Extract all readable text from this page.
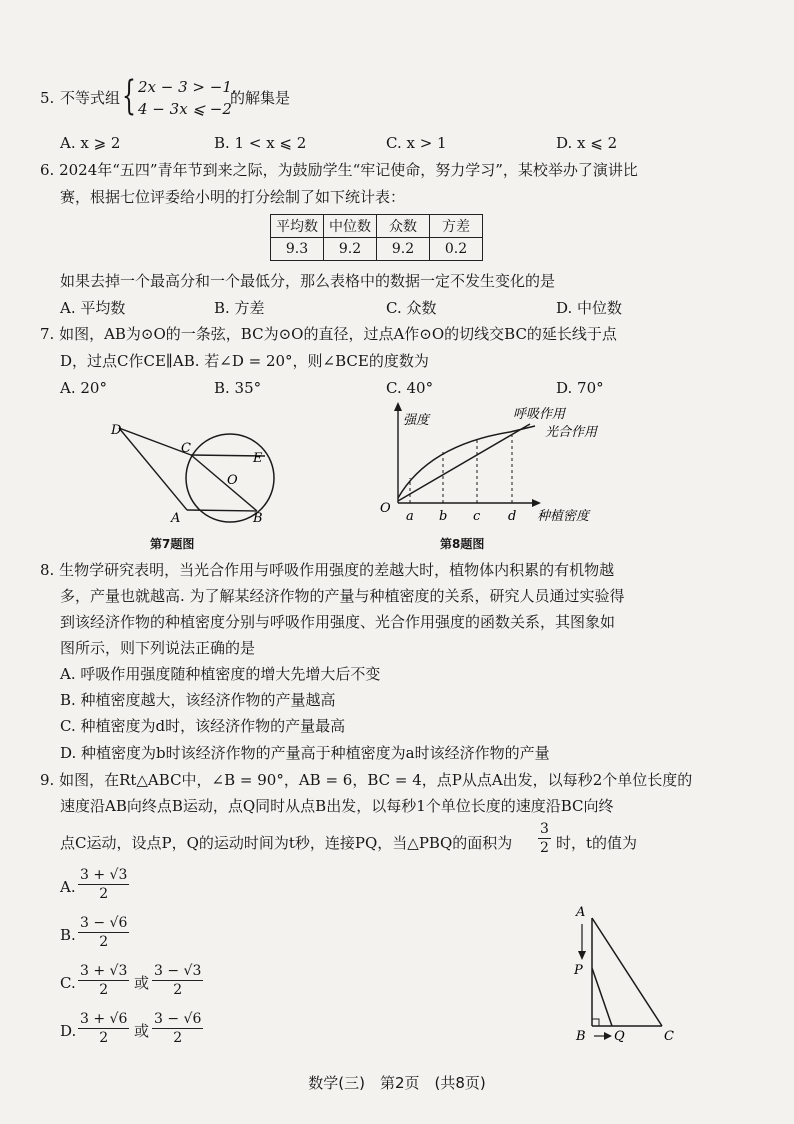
5. 不等式组 { 2x − 3 > −1,
4 − 3x ⩽ −2
的解集是
A. x ⩾ 2	B. 1 < x ⩽ 2	C. x > 1	D. x ⩽ 2
6. 2024年“五四”青年节到来之际，为鼓励学生“牢记使命，努力学习”，某校举办了演讲比
赛，根据七位评委给小明的打分绘制了如下统计表：
平均数	中位数	众数	方差
9.3	9.2	9.2	0.2
如果去掉一个最高分和一个最低分，那么表格中的数据一定不发生变化的是
A. 平均数	B. 方差	C. 众数	D. 中位数
7. 如图，AB为⊙O的一条弦，BC为⊙O的直径，过点A作⊙O的切线交BC的延长线于点
D，过点C作CE∥AB. 若∠D = 20°，则∠BCE的度数为
A. 20°	B. 35°	C. 40°	D. 70°
D
C
E
O
A	B
第7题图
强度
O
a b c d 种植密度
呼吸作用
光合作用
第8题图
8. 生物学研究表明，当光合作用与呼吸作用强度的差越大时，植物体内积累的有机物越
多，产量也就越高. 为了解某经济作物的产量与种植密度的关系，研究人员通过实验得
到该经济作物的种植密度分别与呼吸作用强度、光合作用强度的函数关系，其图象如
图所示，则下列说法正确的是
A. 呼吸作用强度随种植密度的增大先增大后不变
B. 种植密度越大，该经济作物的产量越高
C. 种植密度为d时，该经济作物的产量最高
D. 种植密度为b时该经济作物的产量高于种植密度为a时该经济作物的产量
9. 如图，在Rt△ABC中，∠B = 90°，AB = 6，BC = 4，点P从点A出发，以每秒2个单位长度的
速度沿AB向终点B运动，点Q同时从点B出发，以每秒1个单位长度的速度沿BC向终
点C运动，设点P，Q的运动时间为t秒，连接PQ，当△PBQ的面积为 $\frac{3}{2}$ 时，t的值为
A. $\frac{3 + √3}{2}$
B. $\frac{3 - √6}{2}$
C. $\frac{3 + √3}{2}$ 或 $\frac{3 - √3}{2}$
D. $\frac{3 + √6}{2}$ 或 $\frac{3 - √6}{2}$
A
P
B Q	C
数学(三)　第2页　(共8页)
